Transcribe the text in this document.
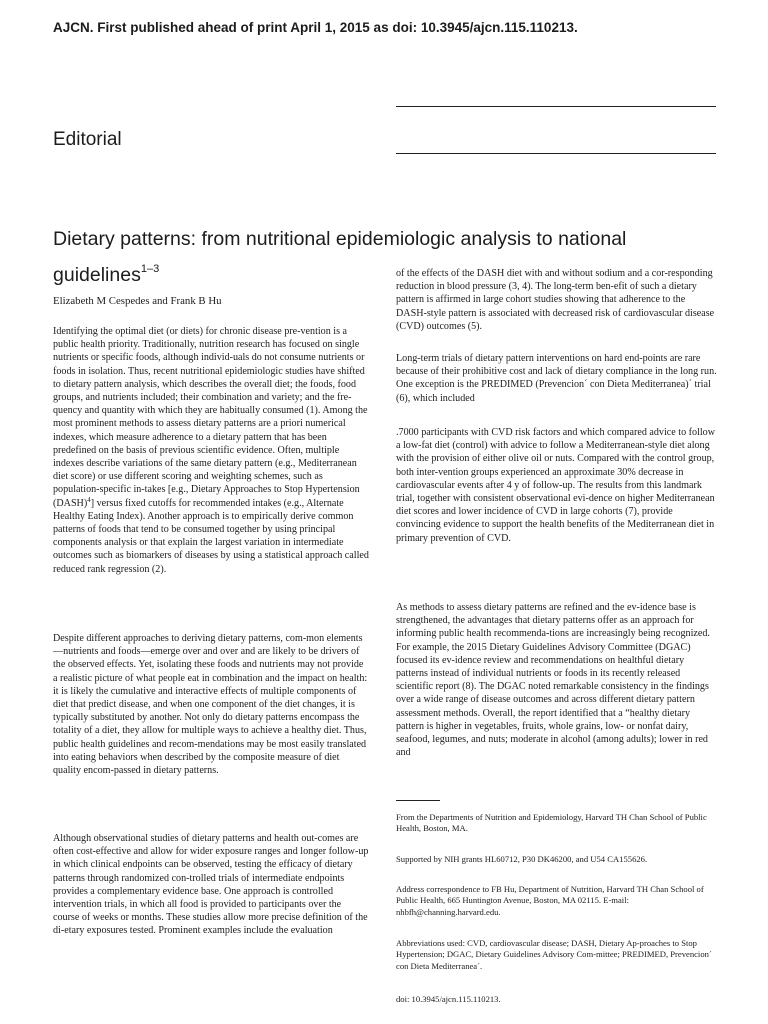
AJCN. First published ahead of print April 1, 2015 as doi: 10.3945/ajcn.115.110213.
Editorial
Dietary patterns: from nutritional epidemiologic analysis to national guidelines$^{1-3}$
Elizabeth M Cespedes and Frank B Hu

Identifying the optimal diet (or diets) for chronic disease pre-vention is a public health priority. Traditionally, nutrition research has focused on single nutrients or specific foods, although individ-uals do not consume nutrients or foods in isolation. Thus, recent nutritional epidemiologic studies have shifted to dietary pattern analysis, which describes the overall diet; the foods, food groups, and nutrients included; their combination and variety; and the fre-quency and quantity with which they are habitually consumed (1). Among the most prominent methods to assess dietary patterns are a priori numerical indexes, which measure adherence to a dietary pattern that has been predefined on the basis of previous scientific evidence. Often, multiple indexes describe variations of the same dietary pattern (e.g., Mediterranean diet score) or use different scoring and weighting schemes, such as population-specific in-takes [e.g., Dietary Approaches to Stop Hypertension (DASH)$^4$] versus fixed cutoffs for recommended intakes (e.g., Alternate Healthy Eating Index). Another approach is to empirically derive common patterns of foods that tend to be consumed together by using principal components analysis or that explain the largest variation in intermediate outcomes such as biomarkers of diseases by using a statistical approach called reduced rank regression (2).

Despite different approaches to deriving dietary patterns, com-mon elements—nutrients and foods—emerge over and over and are likely to be drivers of the observed effects. Yet, isolating these foods and nutrients may not provide a realistic picture of what people eat in combination and the impact on health: it is likely the cumulative and interactive effects of multiple components of diet that predict disease, and when one component of the diet changes, it is typically substituted by another. Not only do dietary patterns encompass the totality of a diet, they allow for multiple ways to achieve a healthy diet. Thus, public health guidelines and recom-mendations may be most easily translated into eating behaviors when described by the composite measure of diet quality encom-passed in dietary patterns.
Although observational studies of dietary patterns and health out-comes are often cost-effective and allow for wider exposure ranges and longer follow-up in which clinical endpoints can be observed, testing the efficacy of dietary patterns through randomized con-trolled trials of intermediate endpoints provides a complementary evidence base. One approach is controlled intervention trials, in which all food is provided to participants over the course of weeks or months. These studies allow more precise definition of the di-etary exposures tested. Prominent examples include the evaluation
of the effects of the DASH diet with and without sodium and a cor-responding reduction in blood pressure (3, 4). The long-term ben-efit of such a dietary pattern is affirmed in large cohort studies showing that adherence to the DASH-style pattern is associated with decreased risk of cardiovascular disease (CVD) outcomes (5).
Long-term trials of dietary pattern interventions on hard end-points are rare because of their prohibitive cost and lack of dietary compliance in the long run. One exception is the PREDIMED (Prevencion´ con Dieta Mediterranea)´ trial (6), which included
.7000 participants with CVD risk factors and which compared advice to follow a low-fat diet (control) with advice to follow a Mediterranean-style diet along with the provision of either olive oil or nuts. Compared with the control group, both inter-vention groups experienced an approximate 30% decrease in cardiovascular events after 4 y of follow-up. The results from this landmark trial, together with consistent observational evi-dence on higher Mediterranean diet scores and lower incidence of CVD in large cohorts (7), provide convincing evidence to support the health benefits of the Mediterranean diet in primary prevention of CVD.
As methods to assess dietary patterns are refined and the ev-idence base is strengthened, the advantages that dietary patterns offer as an approach for informing public health recommenda-tions are increasingly being recognized. For example, the 2015 Dietary Guidelines Advisory Committee (DGAC) focused its ev-idence review and recommendations on healthful dietary patterns instead of individual nutrients or foods in its recently released scientific report (8). The DGAC noted remarkable consistency in the findings over a wide range of disease outcomes and across different dietary pattern assessment methods. Overall, the report identified that a “healthy dietary pattern is higher in vegetables, fruits, whole grains, low- or nonfat dairy, seafood, legumes, and nuts; moderate in alcohol (among adults); lower in red and
From the Departments of Nutrition and Epidemiology, Harvard TH Chan School of Public Health, Boston, MA.
Supported by NIH grants HL60712, P30 DK46200, and U54 CA155626.
Address correspondence to FB Hu, Department of Nutrition, Harvard TH Chan School of Public Health, 665 Huntington Avenue, Boston, MA 02115. E-mail: nhbfh@channing.harvard.edu.
Abbreviations used: CVD, cardiovascular disease; DASH, Dietary Ap-proaches to Stop Hypertension; DGAC, Dietary Guidelines Advisory Com-mittee; PREDIMED, Prevencion´ con Dieta Mediterranea´.
doi: 10.3945/ajcn.115.110213.
